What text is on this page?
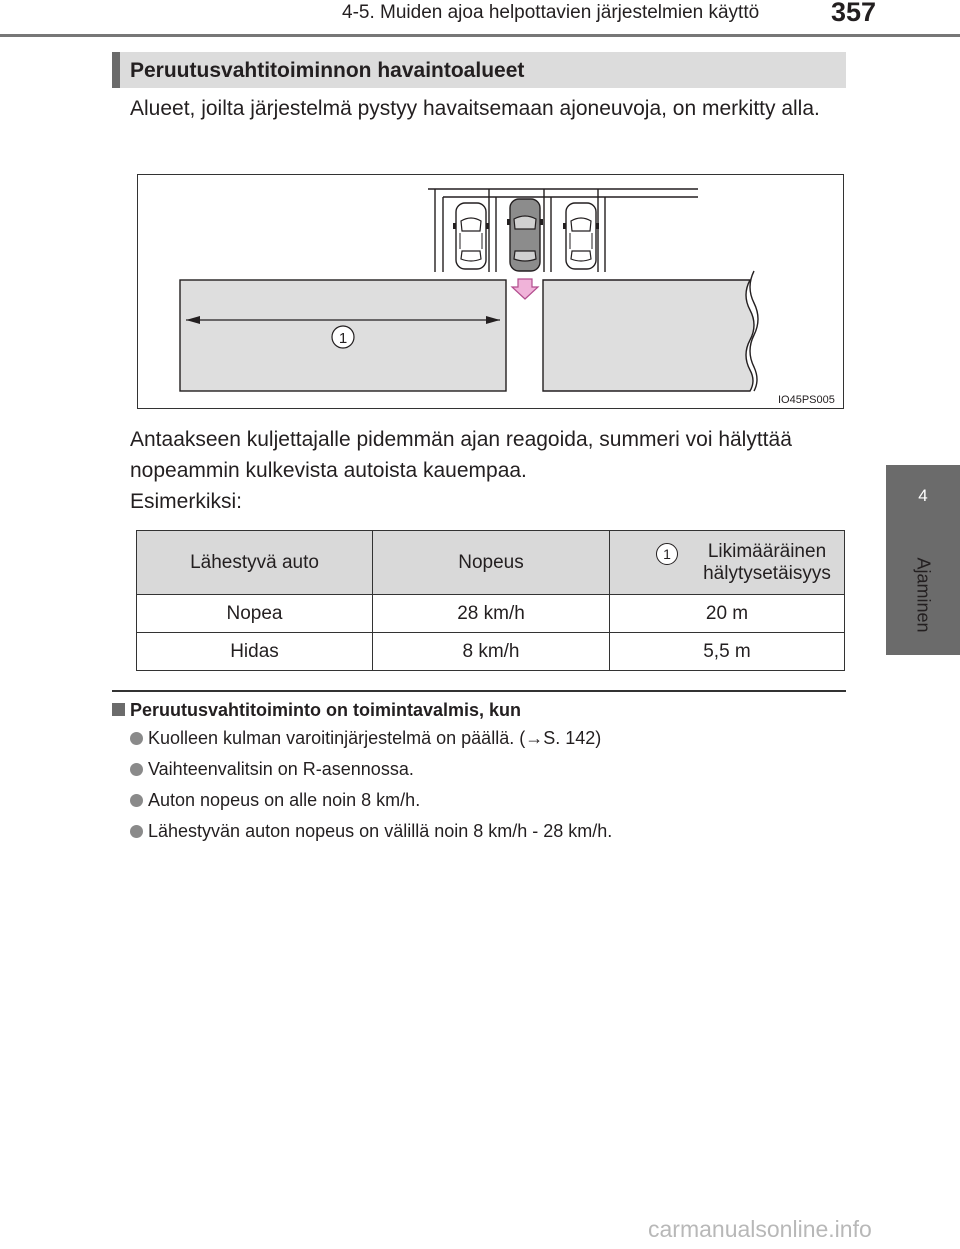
4-5. Muiden ajoa helpottavien järjestelmien käyttö	357
4
Ajaminen
Peruutusvahtitoiminnon havaintoalueet
Alueet, joilta järjestelmä pystyy havaitsemaan ajoneuvoja, on merkitty alla.
1
IO45PS005
Antaakseen kuljettajalle pidemmän ajan reagoida, summeri voi hälyttää nopeammin kulkevista autoista kauempaa.
Esimerkiksi:
Lähestyvä auto	Nopeus	1 Likimääräinen hälytysetäisyys

Nopea	28 km/h	20 m
Hidas	8 km/h	5,5 m
Peruutusvahtitoiminto on toimintavalmis, kun
Kuolleen kulman varoitinjärjestelmä on päällä. (→S. 142)
Vaihteenvalitsin on R-asennossa.
Auton nopeus on alle noin 8 km/h.
Lähestyvän auton nopeus on välillä noin 8 km/h - 28 km/h.
carmanualsonline.info
